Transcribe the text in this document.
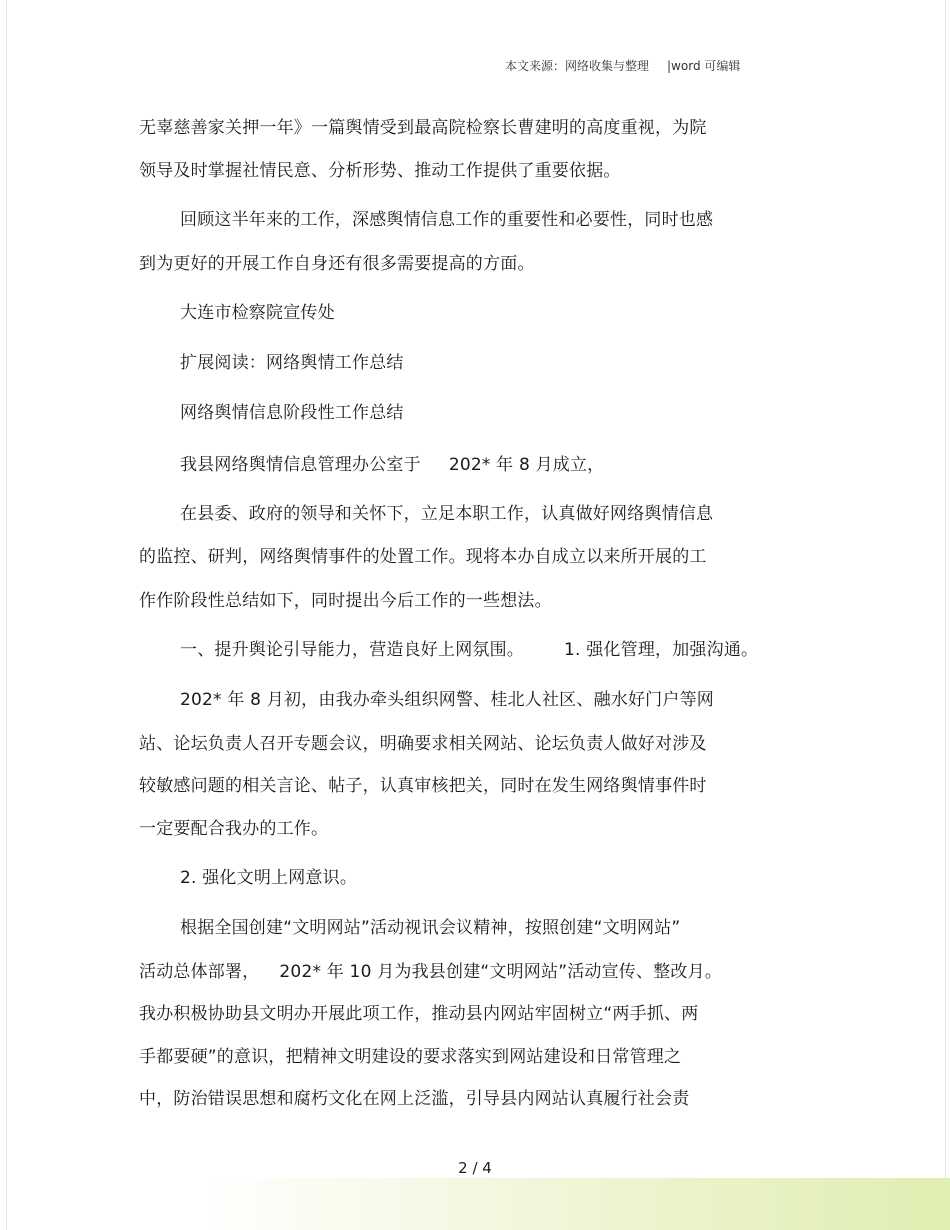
本文来源：网络收集与整理 |word 可编辑
无辜慈善家关押一年》一篇舆情受到最高院检察长曹建明的高度重视，为院
领导及时掌握社情民意、分析形势、推动工作提供了重要依据。
回顾这半年来的工作，深感舆情信息工作的重要性和必要性，同时也感
到为更好的开展工作自身还有很多需要提高的方面。
大连市检察院宣传处
扩展阅读：网络舆情工作总结
网络舆情信息阶段性工作总结
我县网络舆情信息管理办公室于 202* 年 8 月成立，
在县委、政府的领导和关怀下，立足本职工作，认真做好网络舆情信息
的监控、研判，网络舆情事件的处置工作。现将本办自成立以来所开展的工
作作阶段性总结如下，同时提出今后工作的一些想法。
一、提升舆论引导能力，营造良好上网氛围。 1. 强化管理，加强沟通。
202* 年 8 月初，由我办牵头组织网警、桂北人社区、融水好门户等网
站、论坛负责人召开专题会议，明确要求相关网站、论坛负责人做好对涉及
较敏感问题的相关言论、帖子，认真审核把关，同时在发生网络舆情事件时
一定要配合我办的工作。
2. 强化文明上网意识。
根据全国创建“文明网站”活动视讯会议精神，按照创建“文明网站”
活动总体部署， 202* 年 10 月为我县创建“文明网站”活动宣传、整改月。
我办积极协助县文明办开展此项工作，推动县内网站牢固树立“两手抓、两
手都要硬”的意识，把精神文明建设的要求落实到网站建设和日常管理之
中，防治错误思想和腐朽文化在网上泛滥，引导县内网站认真履行社会责
2 / 4
